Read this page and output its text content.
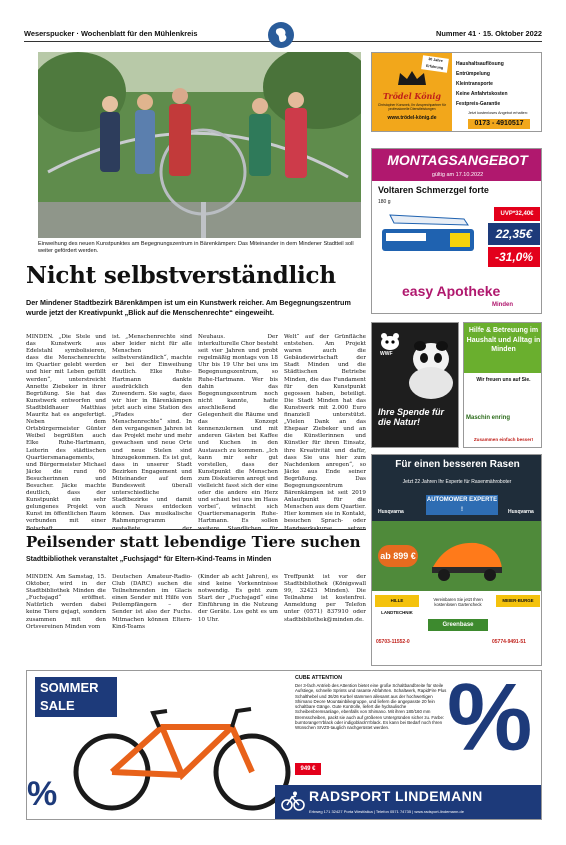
Weserspucker · Wochenblatt für den Mühlenkreis	Nummer 41 · 15. Oktober 2022
Einweihung des neuen Kunstpunktes am Begegnungszentrum in Bärenkämpen: Das Miteinander in dem Mindener Stadtteil soll weiter gefördert werden.
Nicht selbstverständlich
Der Mindener Stadtbezirk Bärenkämpen ist um ein Kunstwerk reicher. Am Begegnungszentrum wurde jetzt der Kreativpunkt „Blick auf die Menschenrechte“ eingeweiht.
MINDEN. „Die Stele und das Kunstwerk aus Edelstahl symbolisieren, dass die Menschenrechte im Quartier gelebt werden und hier mit Leben gefüllt werden“, unterstreicht Annette Ziebeker in ihrer Begrüßung. Sie hat das Kunstwerk entworfen und Stadtbildhauer Matthias Mauritz hat es angefertigt. Neben dem Ortsbürgermeister Günter Weibel begrüßten auch Elke Ruhe-Hartmann, Leiterin des städtischen Quartiersmanagements, und Bürgermeister Michael Jäcke die rund 60 Besucherinnen und Besucher. Jäcke machte deutlich, dass der Kunstpunkt ein sehr gelungenes Projekt von Kunst im öffentlichen Raum verbunden mit einer Botschaft
ist. „Menschenrechte sind aber leider nicht für alle Menschen selbstverständlich“, machte er bei der Einweihung deutlich. Elke Ruhe-Hartmann dankte ausdrücklich den Zuwendern. Sie sagte, dass wir hier in Bärenkämpen jetzt auch eine Station des „Pfades der Menschenrechte“ sind. In den vergangenen Jahren ist das Projekt mehr und mehr gewachsen und neue Orte und neue Stelen sind hinzugekommen. Es ist gut, dass in unserer Stadt Bezirken Engagement und Miteinander auf dem Bundesweit überall unterschiedliche Stadtbezirke und damit auch Neues entdecken können. Das musikalische Rahmenprogramm gestaltete der
Neuhaus. Der interkulturelle Chor besteht seit vier Jahren und probt regelmäßig montags von 18 Uhr bis 19 Uhr bei uns im Begegnungszentrum, so Ruhe-Hartmann. Wer bis dahin das Begegnungszentrum noch nicht kannte, hatte anschließend die Gelegenheit die Räume und das Konzept kennenzulernen und mit anderen Gästen bei Kaffee und Kuchen in den Austausch zu kommen. „Ich kann mir sehr gut vorstellen, dass der Kunstpunkt die Menschen zum Diskutieren anregt und vielleicht fasst sich der eine oder die andere ein Herz und schaut bei uns im Haus vorbei“, wünscht sich Quartiersmanagerin Ruhe-Hartmann. Es sollen weitere Standlichen für
Welt“ auf der Grünfläche entstehen. Am Projekt waren auch die Gebäudewirtschaft der Stadt Minden und die Städtischen Betriebe Minden, die das Fundament für den Kunstpunkt gegossen haben, beteiligt. Die Stadt Minden hat das Kunstwerk mit 2.000 Euro finanziell unterstützt. „Vielen Dank an das Ehepaar Ziebeker und an die Künstlerinnen und Künstler für ihren Einsatz, ihre Kreativität und dafür, dass Sie uns hier zum Nachdenken anregen“, so Jäcke aus Ende seiner Begrüßung. Das Begegnungszentrum Bärenkämpen ist seit 2019 Anlaufpunkt für die Menschen aus dem Quartier. Hier kommen sie in Kontakt, besuchen Sprach- oder Handwerkskurse, setzen
Peilsender statt lebendige Tiere suchen
Stadtbibliothek veranstaltet „Fuchsjagd“ für Eltern-Kind-Teams in Minden
MINDEN. Am Samstag, 15. Oktober, wird in der Stadtbibliothek Minden die „Fuchsjagd“ eröffnet. Natürlich werden dabei keine Tiere gejagt, sondern zusammen mit den Ortsvereinen Minden vom
Deutschen Amateur-Radio-Club (DARC) suchen die Teilnehmenden im Glacis einen Sender mit Hilfe von Peilempfängern – der Sender ist also der Fuchs. Mitmachen können Eltern-Kind-Teams
(Kinder ab acht Jahren), es sind keine Vorkenntnisse notwendig. Es geht zum Start der „Fuchsjagd“ eine Einführung in die Nutzung der Geräte. Los geht es um 10 Uhr.
Treffpunkt ist vor der Stadtbibliothek (Königswall 99, 32423 Minden). Die Teilnahme ist kostenfrei. Anmeldung per Telefon unter (0571) 837910 oder stadtbibliothek@minden.de.
30 Jahre Erfahrung
Trödel König
Christopher Konsnek, Ihr Ansprechpartner für professionelle Dienstleistungen
www.trödel-könig.de
Haushaltsauflösung
Entrümpelung
Kleintransporte
Keine Anfahrtskosten
Festpreis-Garantie
Jetzt kostenloses Angebot erhalten:
0173 - 4910517
MONTAGSANGEBOT
gültig am 17.10.2022
Voltaren Schmerzgel forte
180 g
UVP*32,40€
22,35€
-31,0%
easy Apotheke
Minden
WWF
Ihre Spende für die Natur!
Hilfe & Betreuung im Haushalt und Alltag in Minden
Wir freuen uns auf Sie.
Maschin enring
Zusammen einfach besser!
Für einen besseren Rasen
Jetzt 22 Jahren Ihr Experte für Rasenmähroboter
AUTOMOWER EXPERTE !
Husqvarna	Husqvarna
ab 899 €
HILLE LANDTECHNIK
Vereinbaren Sie jetzt Ihren kostenlosen Gartencheck
MEIER-BURGE
Greenbase
05703-11552-0	05774-9491-51
SOMMER SALE
%
CUBE ATTENTION
Der 3-fach Antrieb des Attention bietet eine große Schaltbandbreite für steile Aufstiege, schnelle Sprints und rasante Abfahrten. Schaltwerk, RapidFire Plus Schalthebel und 36/26 Kurbel stammen allesamt aus der hochwertigen Shimano Deore Mountainbikegruppe, und liefern die angepasste 20 fein schaltbare Gänge. Gute Kontrolle, liefert die hydraulische Scheibenbremsanlage, ebenfalls von Shimano. Mit ihren 180/160 mm Bremsscheiben, packt sie auch auf größeren Untergründen sicher zu. Farbe: burntorange'n'black oder indigoblack'n'black. Es kann bei Bedarf noch Ihren Wünschen SIVZ0-tauglich nachgerüstet werden.
949 € %
RADSPORT LINDEMANN
Erbweg 171 32427 Porta Westfalica | Telefon 0571 74735 | www.radsport-lindemann.de
